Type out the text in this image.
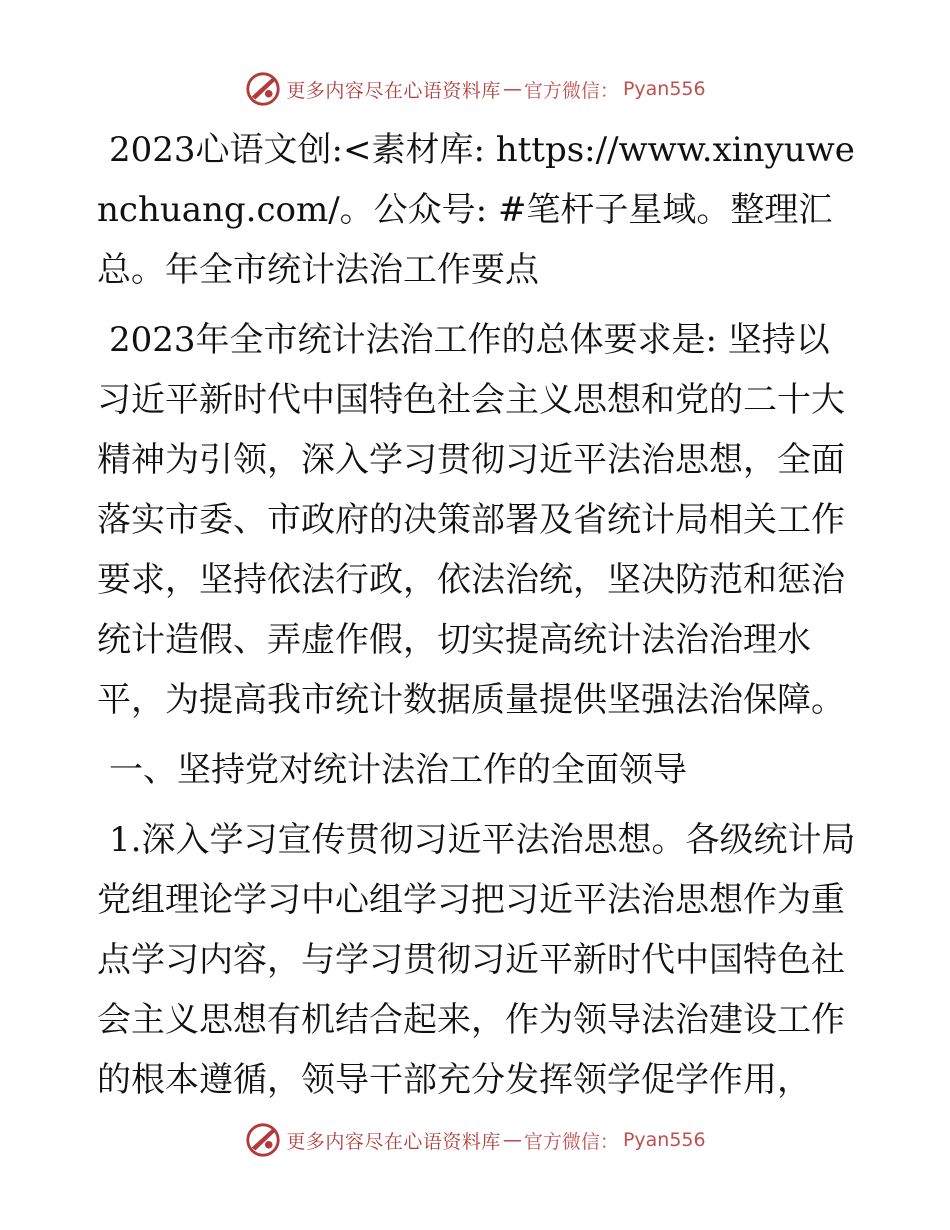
更多内容尽在心语资料库 — 官方微信： Pyan556

2023心语文创:<素材库: https://www.xinyuwenchuang.com/。公众号: #笔杆子星域。整理汇总。年全市统计法治工作要点

2023年全市统计法治工作的总体要求是: 坚持以习近平新时代中国特色社会主义思想和党的二十大精神为引领，深入学习贯彻习近平法治思想，全面落实市委、市政府的决策部署及省统计局相关工作要求，坚持依法行政，依法治统，坚决防范和惩治统计造假、弄虚作假，切实提高统计法治治理水平，为提高我市统计数据质量提供坚强法治保障。

一、坚持党对统计法治工作的全面领导

1.深入学习宣传贯彻习近平法治思想。各级统计局党组理论学习中心组学习把习近平法治思想作为重点学习内容，与学习贯彻习近平新时代中国特色社会主义思想有机结合起来，作为领导法治建设工作的根本遵循，领导干部充分发挥领学促学作用，

更多内容尽在心语资料库 — 官方微信： Pyan556
